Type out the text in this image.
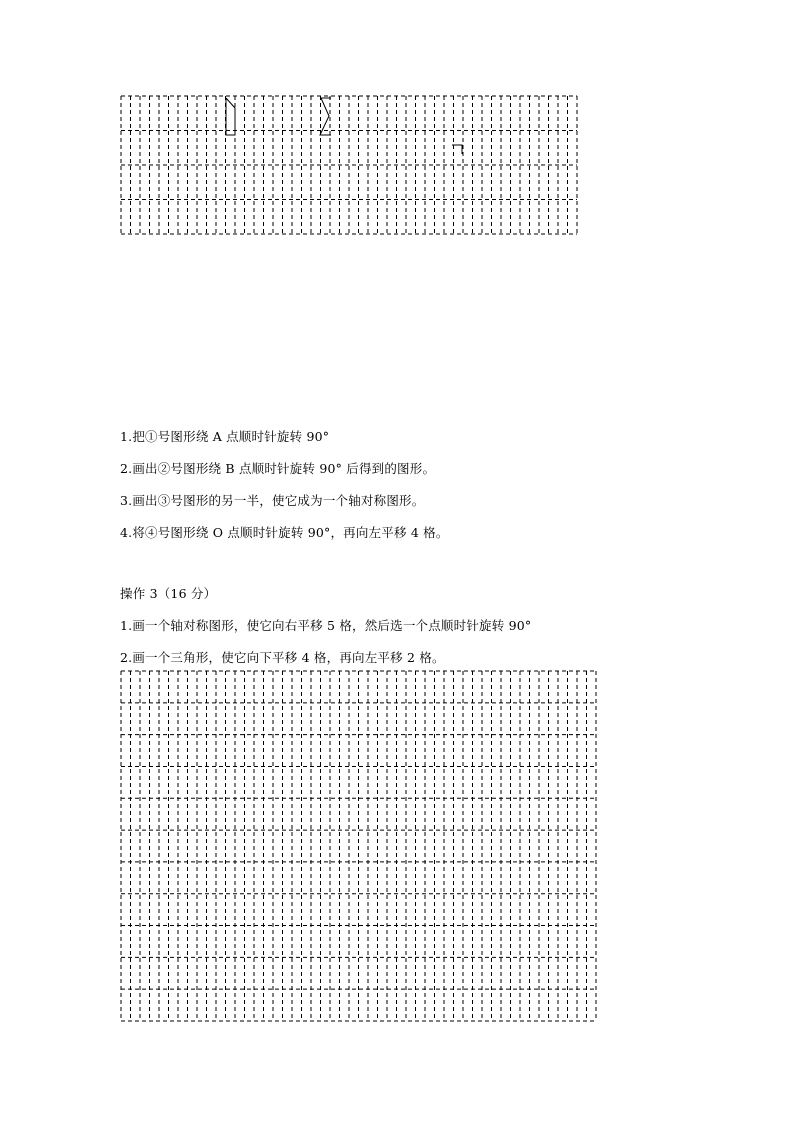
1.把①号图形绕 A 点顺时针旋转 90°
2.画出②号图形绕 B 点顺时针旋转 90° 后得到的图形。
3.画出③号图形的另一半，使它成为一个轴对称图形。
4.将④号图形绕 O 点顺时针旋转 90°，再向左平移 4 格。
操作 3（16 分）
1.画一个轴对称图形，使它向右平移 5 格，然后选一个点顺时针旋转 90°
2.画一个三角形，使它向下平移 4 格，再向左平移 2 格。
